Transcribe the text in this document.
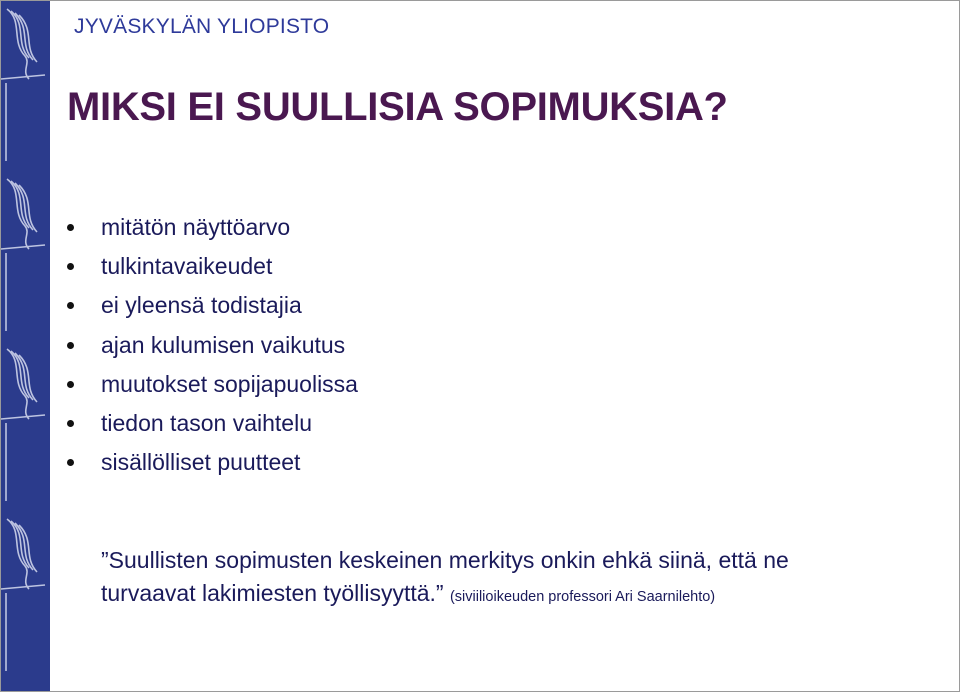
JYVÄSKYLÄN YLIOPISTO
MIKSI EI SUULLISIA SOPIMUKSIA?
mitätön näyttöarvo
tulkintavaikeudet
ei yleensä todistajia
ajan kulumisen vaikutus
muutokset sopijapuolissa
tiedon tason vaihtelu
sisällölliset puutteet
”Suullisten sopimusten keskeinen merkitys onkin ehkä siinä, että ne
turvaavat lakimiesten työllisyyttä.” (siviilioikeuden professori Ari Saarnilehto)
